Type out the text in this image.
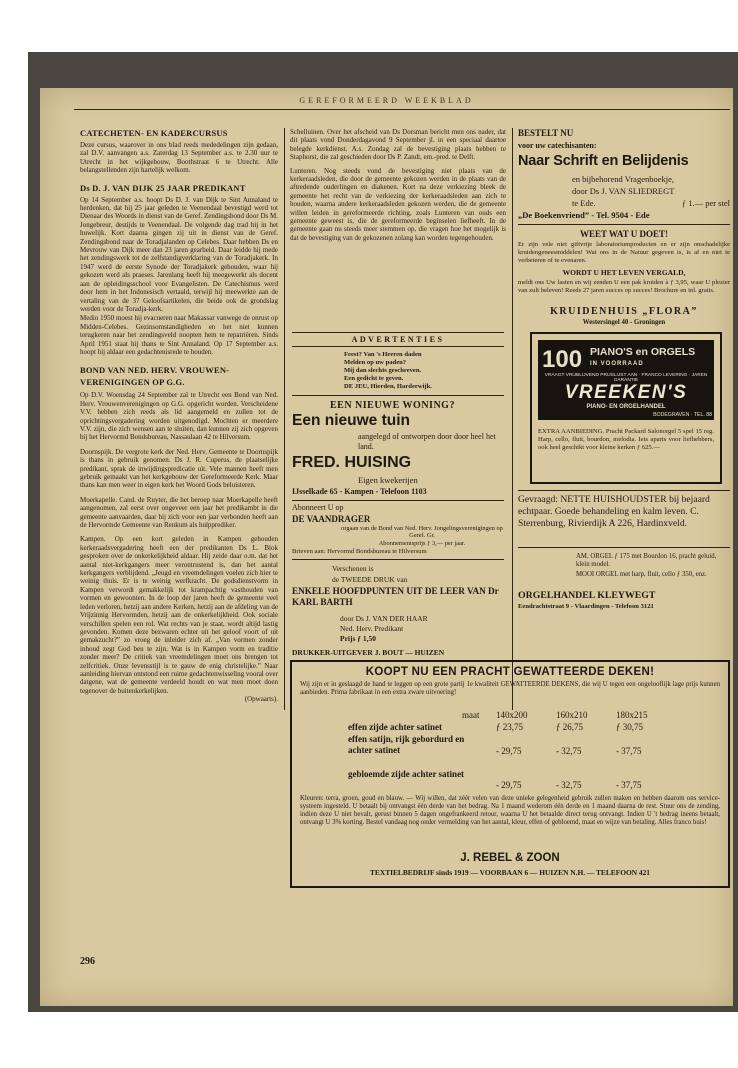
GEREFORMEERD WEEKBLAD

CATECHETEN- EN KADERCURSUS

Deze cursus, waarover in ons blad reeds mededelingen zijn gedaan, zal D.V. aanvangen a.s. Zaterdag 13 September a.s. te 2.30 uur te Utrecht in het wijkgebouw, Boothstraat 6 te Utrecht. Alle belangstellenden zijn hartelijk welkom.

Ds D. J. VAN DIJK 25 JAAR PREDIKANT

Op 14 September a.s. hoopt Ds D. J. van Dijk te Sint Annaland te herdenken, dat hij 25 jaar geleden te Veenendaal bevestigd werd tot Dienaar des Woords in dienst van de Geref. Zendingsbond door Ds M. Jongebreur, destijds te Veenendaal. De volgende dag trad hij in het huwelijk. Kort daarna gingen zij uit in dienst van de Geref. Zendingsbond naar de Toradjalanden op Celebes. Daar hebben Ds en Mevrouw van Dijk meer dan 23 jaren gearbeid. Daar leidde hij mede het zendingswerk tot de zelfstandigverklaring van de Toradjakerk. In 1947 werd de eerste Synode der Toradjakerk gehouden, waar hij gekozen werd als praeses. Jarenlang heeft hij meegewerkt als docent aan de opleidingsschool voor Evangelisten. De Catechismus werd door hem in het Indonesisch vertaald, terwijl hij meewerkte aan de vertaling van de 37 Geloofsartikelen, die beide ook de grondslag werden voor de Toradja-kerk.

Medio 1950 moest hij evacueren naar Makassar vanwege de onrust op Midden-Celebes. Gezinsomstandigheden en het niet kunnen terugkeren naar het zendingsveld noopten hem te repatriëren. Sinds April 1951 staat hij thans te Sint Annaland. Op 17 September a.s. hoopt hij aldaar een gedachtenisrede te houden.

BOND VAN NED. HERV. VROUWEN-VERENIGINGEN OP G.G.

Op D.V. Woensdag 24 September zal te Utrecht een Bond van Ned. Herv. Vrouwenverenigingen op G.G. opgericht worden. Verscheidene V.V. hebben zich reeds als lid aangemeld en zullen tot de oprichtingsvergadering worden uitgenodigd. Mochten er meerdere V.V. zijn, die zich wensen aan te sluiten, dan kunnen zij zich opgeven bij het Hervormd Bondsbureau, Nassaulaan 42 te Hilversum.

Doornspijk. De vergrote kerk der Ned. Herv. Gemeente te Doornspijk is thans in gebruik genomen. Ds J. R. Cuperus, de plaatselijke predikant, sprak de inwijdingspredicatie uit. Vele mannen heeft men gebruik gemaakt van het kerkgebouw der Gereformeerde Kerk. Maar thans kan men weer in eigen kerk het Woord Gods beluisteren.

Moerkapelle. Cand. de Ruyter, die het beroep naar Moerkapelle heeft aangenomen, zal eerst over ongeveer een jaar het predikambt in die gemeente aanvaarden, daar hij zich voor een jaar verbonden heeft aan de Hervormde Gemeente van Renkum als hulpprediker.

Kampen. Op een kort geleden in Kampen gehouden kerkeraadsvergadering heeft een der predikanten Ds L. Blok gesproken over de onkerkelijkheid aldaar. Hij zeide daar o.m. dat het aantal niet-kerkgangers meer verontrustend is, dan het aantal kerkgangers verblijdend. „Jeugd en vreemdelingen voelen zich hier te weinig thuis. Er is te weinig werfkracht. De godsdienstvorm in Kampen verwordt gemakkelijk tot krampachtig vasthouden van vormen en gewoonten. In de loop der jaren heeft de gemeente veel leden verloren, hetzij aan andere Kerken, hetzij aan de afdeling van de Vrijzinnig Hervormden, hetzij aan de onkerkelijkheid. Ook sociale verschillen spelen een rol. Wat rechts van je staat, wordt altijd lastig gevonden. Komen deze bezwaren echter uit het geloof voort of uit gemakzucht?” zo vroeg de inleider zich af. „Van vormen zonder inhoud zegt God beu te zijn. Wat is in Kampen vorm en traditie zonder meer? De critiek van vreemdelingen moet ons brengen tot zelfcritiek. Onze levensstijl is te gauw de enig christelijke.” Naar aanleiding hiervan ontstond een ruime gedachtenwisseling vooral over datgene, wat de gemeente verdeeld houdt en wat men moet doen tegenover de buitenkerkelijken.

(Opwaarts).

296

Schelluinen. Over het afscheid van Ds Dorsman bericht men ons nader, dat dit plaats vond Donderdagavond 9 September jl. in een speciaal daartoe belegde kerkdienst. A.s. Zondag zal de bevestiging plaats hebben te Staphorst, die zal geschieden door Ds P. Zandt, em.-pred. te Delft.

Lunteren. Nog steeds vond de bevestiging niet plaats van de kerkeraadsleden, die door de gemeente gekozen werden in de plaats van de aftredende ouderlingen en diakenen. Kort na deze verkiezing bleek de gemeente het recht van de verkiezing der kerkeraadsleden aan zich te houden, waarna andere kerkeraadsleden gekozen werden, die de gemeente willen leiden in gereformeerde richting, zoals Lunteren van ouds een gemeente geweest is, die de gereformeerde beginselen liefheeft. In de gemeente gaan nu steeds meer stemmen op, die vragen hoe het mogelijk is dat de bevestiging van de gekozenen zolang kan worden tegengehouden.

ADVERTENTIES
Feest? Van 's Heeren daden
Melden op uw paden?
Mij dan slechts geschreven.
Een gedicht te geven.
DE JEU, Hierden, Harderwijk.
EEN NIEUWE WONING?
Een nieuwe tuin
aangelegd of ontworpen door door heel het land.
FRED. HUISING
Eigen kwekerijen
IJsselkade 65 - Kampen - Telefoon 1103
Abonneert U op
DE VAANDRAGER
orgaan van de Bond van Ned. Herv. Jongelingsverenigingen op Geref. Gr.
Abonnementsprijs ƒ 3,— per jaar.
Brieven aan: Hervormd Bondsbureau te Hilversum
Verschenen is
de TWEEDE DRUK van
ENKELE HOOFDPUNTEN UIT DE LEER VAN Dr KARL BARTH
door Ds J. VAN DER HAAR
Ned. Herv. Predikant
Prijs ƒ 1,50
DRUKKER-UITGEVER J. BOUT — HUIZEN
BESTELT NU
voor uw catechisanten:
Naar Schrift en Belijdenis
en bijbehorend Vragenboekje,
door Ds J. VAN SLIEDREGT
te Ede.	ƒ 1.— per stel
„De Boekenvriend” - Tel. 9504 - Ede
WEET WAT U DOET!

Er zijn vele niet giftvrije laboratoriumproducten en er zijn onschadelijke kruidengeneesmiddelen! Wat ons in de Natuur gegeven is, is af en niet te verbeteren of te evenaren.

WORDT U HET LEVEN VERGALD,

meldt ons Uw lasten en wij zenden U een pak kruiden à ƒ 3,95, waar U plezier van zult beleven! Reeds 27 jaren succes op succes! Brochure en inl. gratis.

KRUIDENHUIS „FLORA”
Westersingel 40 - Groningen
100 PIANO'S en ORGELS
IN VOORRAAD
VRAAGT VRIJBLIJVEND PRIJSLIJST AAN · FRANCO LEVERING · JAREN GARANTIE
VREEKEN'S
PIANO- EN ORGELHANDEL
BODEGRAVEN · TEL. 88

EXTRA AANBIEDING. Pracht Packard Salonorgel 5 spel 15 reg. Harp, cello, fluit, bourdon, melodia. Iets aparts voor liefhebbers, ook heel geschikt voor kleine kerken ƒ 625.—

Gevraagd: NETTE HUISHOUDSTER bij bejaard echtpaar. Goede behandeling en kalm leven. C. Sterrenburg, Rivierdijk A 226, Hardinxveld.

AM. ORGEL ƒ 175 met Bourdon 16, pracht geluid, klein model.
MOOI ORGEL met harp, fluit, cello ƒ 350, enz.
ORGELHANDEL KLEYWEGT
Eendrachtstraat 9 - Vlaardingen - Telefoon 3121
KOOPT NU EEN PRACHT GEWATTEERDE DEKEN!

Wij zijn er in geslaagd de hand te leggen op een grote partij 1e kwaliteit GEWATTEERDE DEKENS, die wij U tegen een ongelooflijk lage prijs kunnen aanbieden. Prima fabrikaat in een extra zware uitvoering!

maat 140x200	160x210	180x215
effen zijde achter satinet	ƒ 23,75	ƒ 26,75	ƒ 30,75
effen satijn, rijk gebordurd en achter satinet	- 29,75	- 32,75	- 37,75
gebloemde zijde achter satinet
- 29,75	- 32,75	- 37,75

Kleuren: terra, groen, goud en blauw. — Wij willen, dat zéér velen van deze unieke gelegenheid gebruik zullen maken en hebben daarom ons service-systeem ingesteld. U betaalt bij ontvangst één derde van het bedrag. Na 1 maand wederom één derde en 1 maand daarna de rest. Stuur ons de zending, indien deze U niet bevalt, gerust binnen 5 dagen ongefrankeerd retour, waarna U het betaalde direct terug ontvangt. Indien U 't bedrag ineens betaalt, ontvangt U 3% korting. Bestel vandaag nog onder vermelding van het aantal, kleur, effen of gebloemd, maat en wijze van betaling. Alles franco huis!

J. REBEL & ZOON
TEXTIELBEDRIJF sinds 1919 — VOORBAAN 6 — HUIZEN N.H. — TELEFOON 421
